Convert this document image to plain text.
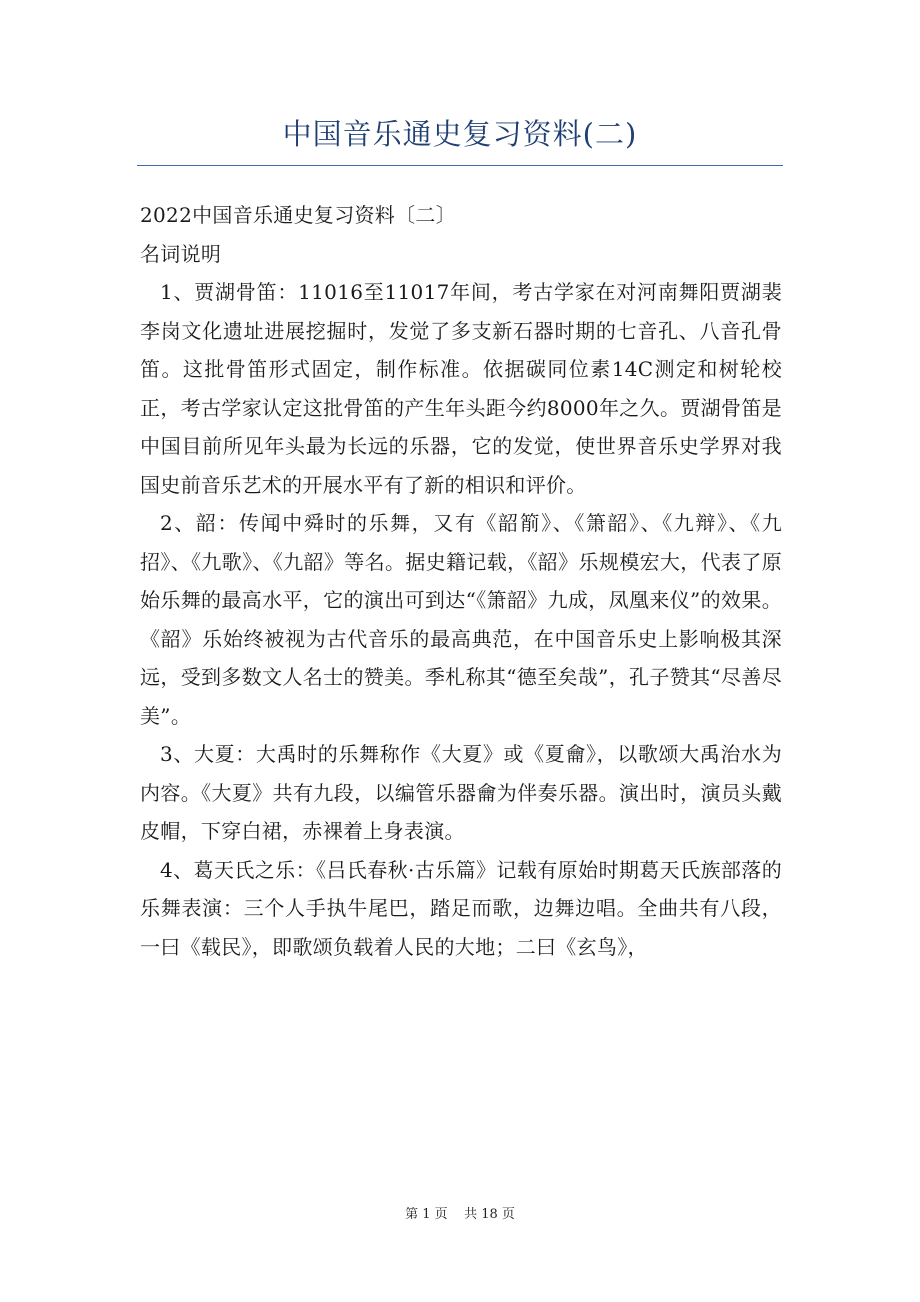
中国音乐通史复习资料(二)

2022中国音乐通史复习资料〔二〕

名词说明

1、贾湖骨笛：11016至11017年间，考古学家在对河南舞阳贾湖裴李岗文化遗址进展挖掘时，发觉了多支新石器时期的七音孔、八音孔骨笛。这批骨笛形式固定，制作标准。依据碳同位素14C测定和树轮校正，考古学家认定这批骨笛的产生年头距今约8000年之久。贾湖骨笛是中国目前所见年头最为长远的乐器，它的发觉，使世界音乐史学界对我国史前音乐艺术的开展水平有了新的相识和评价。

2、韶：传闻中舜时的乐舞，又有《韶箾》、《箫韶》、《九辩》、《九招》、《九歌》、《九韶》等名。据史籍记载，《韶》乐规模宏大，代表了原始乐舞的最高水平，它的演出可到达“《箫韶》九成，凤凰来仪”的效果。《韶》乐始终被视为古代音乐的最高典范，在中国音乐史上影响极其深远，受到多数文人名士的赞美。季札称其“德至矣哉”，孔子赞其“尽善尽美”。

3、大夏：大禹时的乐舞称作《大夏》或《夏龠》，以歌颂大禹治水为内容。《大夏》共有九段，以编管乐器龠为伴奏乐器。演出时，演员头戴皮帽，下穿白裙，赤裸着上身表演。

4、葛天氏之乐：《吕氏春秋·古乐篇》记载有原始时期葛天氏族部落的乐舞表演：三个人手执牛尾巴，踏足而歌，边舞边唱。全曲共有八段，一曰《载民》，即歌颂负载着人民的大地；二曰《玄鸟》，

第 1 页    共 18 页
